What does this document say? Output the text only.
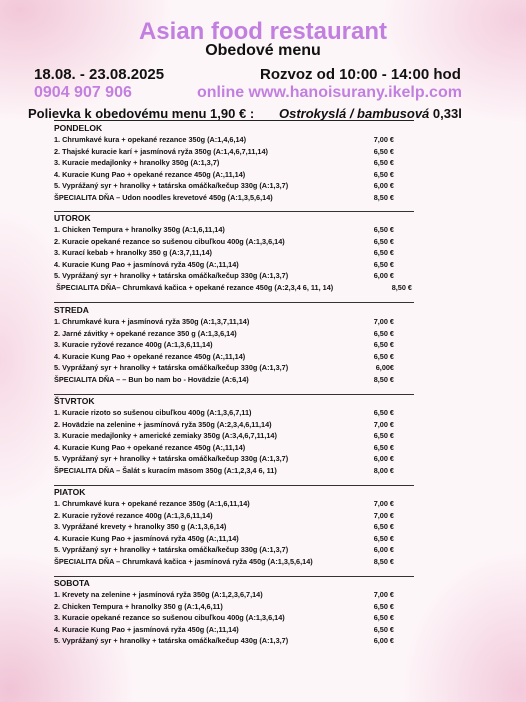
Asian food restaurant
Obedové menu
18.08. - 23.08.2025	Rozvoz od 10:00 - 14:00 hod
0904 907 906	online www.hanoisurany.ikelp.com
Polievka k obedovému menu 1,90 € : Ostrokyslá / bambusová 0,33l
PONDELOK
1. Chrumkavé kura + opekané rezance 350g (A:1,4,6,14)	7,00 €
2. Thajské kuracie karí + jasmínová ryža 350g (A:1,4,6,7,11,14)	6,50 €
3. Kuracie medajlonky + hranolky 350g (A:1,3,7)	6,50 €
4. Kuracie Kung Pao + opekané rezance 450g (A:,11,14)	6,50 €
5. Vyprážaný syr + hranolky + tatárska omáčka/kečup 330g (A:1,3,7)	6,00 €
ŠPECIALITA DŇA – Udon noodles krevetové 450g (A:1,3,5,6,14)	8,50 €
UTOROK
1. Chicken Tempura + hranolky 350g (A:1,6,11,14)	6,50 €
2. Kuracie opekané rezance so sušenou cibuľkou 400g (A:1,3,6,14)	6,50 €
3. Kurací kebab + hranolky 350 g (A:3,7,11,14)	6,50 €
4. Kuracie Kung Pao + jasmínová ryža 450g (A:,11,14)	6,50 €
5. Vyprážaný syr + hranolky + tatárska omáčka/kečup 330g (A:1,3,7)	6,00 €
ŠPECIALITA DŇA– Chrumkavá kačica + opekané rezance 450g (A:2,3,4 6, 11, 14)	8,50 €
STREDA
1. Chrumkavé kura + jasmínová ryža 350g (A:1,3,7,11,14)	7,00 €
2. Jarné závitky + opekané rezance 350 g (A:1,3,6,14)	6,50 €
3. Kuracie ryžové rezance 400g (A:1,3,6,11,14)	6,50 €
4. Kuracie Kung Pao + opekané rezance 450g (A:,11,14)	6,50 €
5. Vyprážaný syr + hranolky + tatárska omáčka/kečup 330g (A:1,3,7)	6,00€
ŠPECIALITA DŇA – – Bun bo nam bo - Hovädzie (A:6,14)	8,50 €
ŠTVRTOK
1. Kuracie rizoto so sušenou cibuľkou 400g (A:1,3,6,7,11)	6,50 €
2. Hovädzie na zelenine + jasmínová ryža 350g (A:2,3,4,6,11,14)	7,00 €
3. Kuracie medajlonky + americké zemiaky 350g (A:3,4,6,7,11,14)	6,50 €
4. Kuracie Kung Pao + opekané rezance 450g (A:,11,14)	6,50 €
5. Vyprážaný syr + hranolky + tatárska omáčka/kečup 330g (A:1,3,7)	6,00 €
ŠPECIALITA DŇA – Šalát s kuracím mäsom 350g (A:1,2,3,4 6, 11)	8,00 €
PIATOK
1. Chrumkavé kura + opekané rezance 350g (A:1,6,11,14)	7,00 €
2. Kuracie ryžové rezance 400g (A:1,3,6,11,14)	7,00 €
3. Vyprážané krevety + hranolky 350 g (A:1,3,6,14)	6,50 €
4. Kuracie Kung Pao + jasmínová ryža 450g (A:,11,14)	6,50 €
5. Vyprážaný syr + hranolky + tatárska omáčka/kečup 330g (A:1,3,7)	6,00 €
ŠPECIALITA DŇA – Chrumkavá kačica + jasmínová ryža 450g (A:1,3,5,6,14)	8,50 €
SOBOTA
1. Krevety na zelenine + jasmínová ryža 350g (A:1,2,3,6,7,14)	7,00 €
2. Chicken Tempura + hranolky 350 g (A:1,4,6,11)	6,50 €
3. Kuracie opekané rezance so sušenou cibuľkou 400g (A:1,3,6,14)	6,50 €
4. Kuracie Kung Pao + jasmínová ryža 450g (A:,11,14)	6,50 €
5. Vyprážaný syr + hranolky + tatárska omáčka/kečup 430g (A:1,3,7)	6,00 €
